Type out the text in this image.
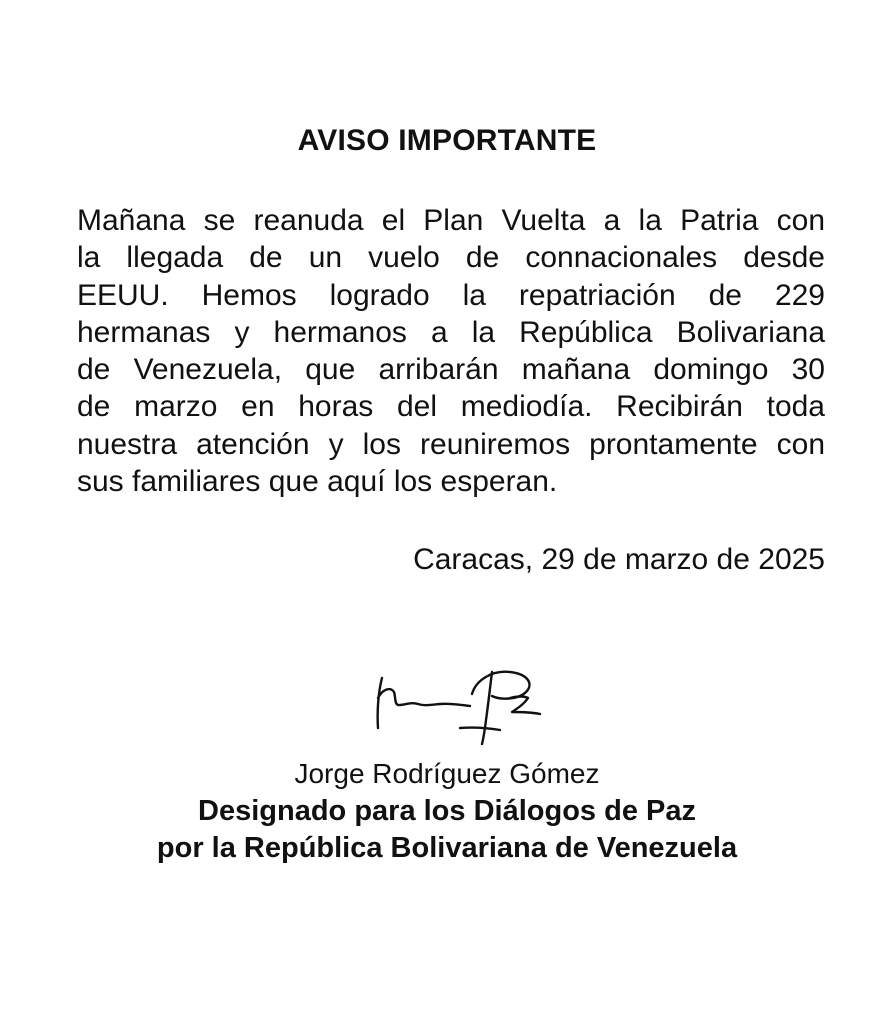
AVISO IMPORTANTE
Mañana se reanuda el Plan Vuelta a la Patria con
la llegada de un vuelo de connacionales desde
EEUU. Hemos logrado la repatriación de 229
hermanas y hermanos a la República Bolivariana
de Venezuela, que arribarán mañana domingo 30
de marzo en horas del mediodía. Recibirán toda
nuestra atención y los reuniremos prontamente con
sus familiares que aquí los esperan.

Caracas, 29 de marzo de 2025

Jorge Rodríguez Gómez

Designado para los Diálogos de Paz
por la República Bolivariana de Venezuela
